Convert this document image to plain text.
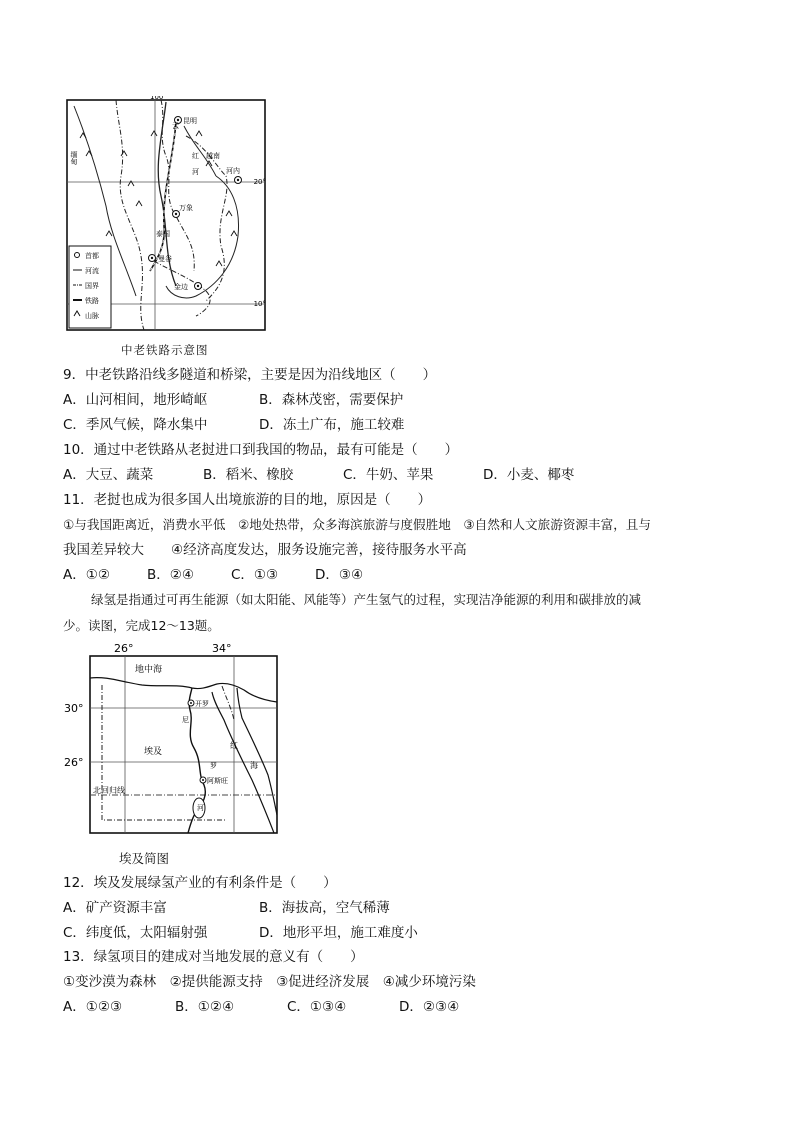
100°
20°
10°
昆明
河内
万象
曼谷
金边
云
越南
缅甸
泰国
红
河
首都
河流
国界
铁路
山脉
中老铁路示意图
9．中老铁路沿线多隧道和桥梁，主要是因为沿线地区（　　）
A．山河相间，地形崎岖	B．森林茂密，需要保护
C．季风气候，降水集中	D．冻土广布，施工较难
10．通过中老铁路从老挝进口到我国的物品，最有可能是（　　）
A．大豆、蔬菜	B．稻米、橡胶	C．牛奶、苹果	D．小麦、椰枣
11．老挝也成为很多国人出境旅游的目的地，原因是（　　）
①与我国距离近，消费水平低　②地处热带，众多海滨旅游与度假胜地　③自然和人文旅游资源丰富，且与
我国差异较大　　④经济高度发达，服务设施完善，接待服务水平高
A．①②	B．②④	C．①③	D．③④
绿氢是指通过可再生能源（如太阳能、风能等）产生氢气的过程，实现洁净能源的利用和碳排放的减
少。读图，完成12～13题。
26°	34°
30°
26°
地中海
埃及
开罗
阿斯旺
北回归线
红
海
尼
罗
河
埃及简图
12．埃及发展绿氢产业的有利条件是（　　）
A．矿产资源丰富	B．海拔高，空气稀薄
C．纬度低，太阳辐射强	D．地形平坦，施工难度小
13．绿氢项目的建成对当地发展的意义有（　　）
①变沙漠为森林　②提供能源支持　③促进经济发展　④减少环境污染
A．①②③	B．①②④	C．①③④	D．②③④
